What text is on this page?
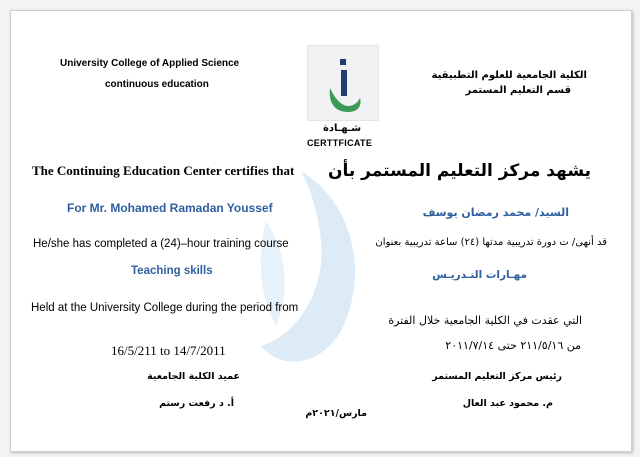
University College of Applied Science
continuous education
الكلية الجامعية للعلوم التطبيقية
قسم التعليم المستمر
شـهـادة
CERTTFICATE
The Continuing Education Center certifies that
For Mr. Mohamed Ramadan Youssef
He/she has completed a (24)–hour training course
Teaching skills
Held at the University College during the period from
16/5/211 to 14/7/2011
يشهد مركز التعليم المستمر بأن
السيد/ محمد رمضان يوسف
قد أنهى/ ت دورة تدريبية مدتها (٢٤) ساعة تدريبية بعنوان
مهـارات التـدريـس
التي عقدت في الكلية الجامعية خلال الفترة
من ٢١١/٥/١٦ حتى ٢٠١١/٧/١٤
عميد الكلية الجامعية
أ. د رفعت رستم
رئيس مركز التعليم المستمر
م. محمود عبد العال
مارس/٢٠٢١م
